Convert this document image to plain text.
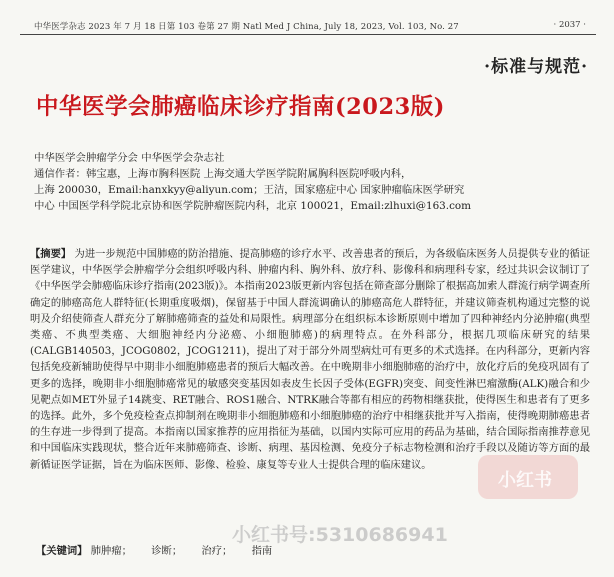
中华医学杂志 2023 年 7 月 18 日第 103 卷第 27 期 Natl Med J China, July 18, 2023, Vol. 103, No. 27	· 2037 ·
·标准与规范·
中华医学会肺癌临床诊疗指南(2023版)
中华医学会肿瘤学分会 中华医学会杂志社
通信作者：韩宝惠，上海市胸科医院 上海交通大学医学院附属胸科医院呼吸内科，
上海 200030，Email:hanxkyy@aliyun.com；王洁，国家癌症中心 国家肿瘤临床医学研究
中心 中国医学科学院北京协和医学院肿瘤医院内科，北京 100021，Email:zlhuxi@163.com
【摘要】 为进一步规范中国肺癌的防治措施、提高肺癌的诊疗水平、改善患者的预后，为各级临床医务人员提供专业的循证医学建议，中华医学会肿瘤学分会组织呼吸内科、肿瘤内科、胸外科、放疗科、影像科和病理科专家，经过共识会议制订了《中华医学会肺癌临床诊疗指南(2023版)》。本指南2023版更新内容包括在筛查部分删除了根据高加索人群流行病学调查所确定的肺癌高危人群特征(长期重度吸烟)，保留基于中国人群流调确认的肺癌高危人群特征，并建议筛查机构通过完整的说明及介绍使筛查人群充分了解肺癌筛查的益处和局限性。病理部分在组织标本诊断原则中增加了四种神经内分泌肿瘤(典型类癌、不典型类癌、大细胞神经内分泌癌、小细胞肺癌)的病理特点。在外科部分，根据几项临床研究的结果(CALGB140503，JCOG0802，JCOG1211)，提出了对于部分外周型病灶可有更多的术式选择。在内科部分，更新内容包括免疫新辅助使得早中期非小细胞肺癌患者的预后大幅改善。在中晚期非小细胞肺癌的治疗中，放化疗后的免疫巩固有了更多的选择，晚期非小细胞肺癌常见的敏感突变基因如表皮生长因子受体(EGFR)突变、间变性淋巴瘤激酶(ALK)融合和少见靶点如MET外显子14跳变、RET融合、ROS1融合、NTRK融合等都有相应的药物相继获批，使得医生和患者有了更多的选择。此外，多个免疫检查点抑制剂在晚期非小细胞肺癌和小细胞肺癌的治疗中相继获批并写入指南，使得晚期肺癌患者的生存进一步得到了提高。本指南以国家推荐的应用指征为基础，以国内实际可应用的药品为基础，结合国际指南推荐意见和中国临床实践现状，整合近年来肺癌筛查、诊断、病理、基因检测、免疫分子标志物检测和治疗手段以及随访等方面的最新循证医学证据，旨在为临床医师、影像、检验、康复等专业人士提供合理的临床建议。
【关键词】 肺肿瘤； 诊断； 治疗； 指南
小红书
小红书号:5310686941
